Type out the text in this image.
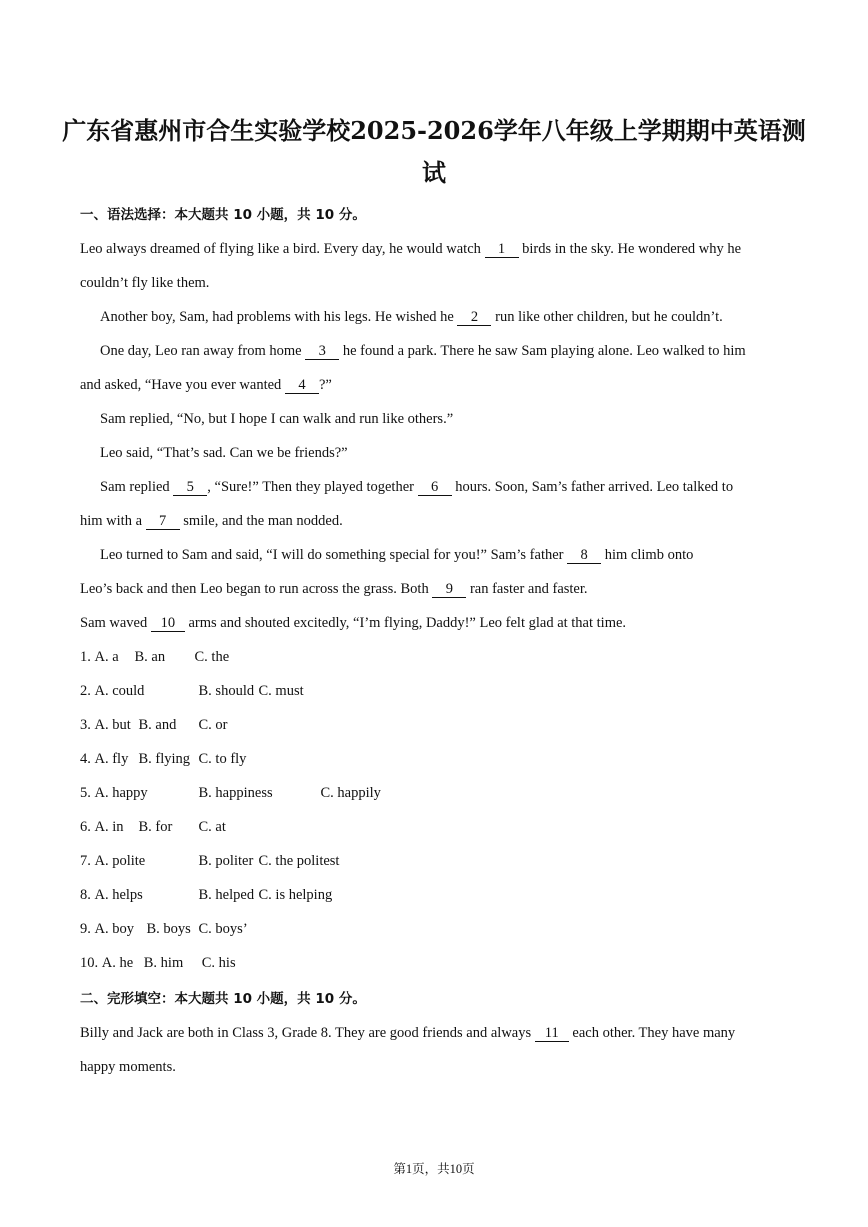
广东省惠州市合生实验学校2025-2026学年八年级上学期期中英语测
试
一、语法选择：本大题共 10 小题，共 10 分。
Leo always dreamed of flying like a bird. Every day, he would watch 1 birds in the sky. He wondered why he
couldn’t fly like them.
Another boy, Sam, had problems with his legs. He wished he 2 run like other children, but he couldn’t.
One day, Leo ran away from home 3 he found a park. There he saw Sam playing alone. Leo walked to him
and asked, “Have you ever wanted 4 ?”
Sam replied, “No, but I hope I can walk and run like others.”
Leo said, “That’s sad. Can we be friends?”
Sam replied 5 , “Sure!” Then they played together 6 hours. Soon, Sam’s father arrived. Leo talked to
him with a 7 smile, and the man nodded.
Leo turned to Sam and said, “I will do something special for you!” Sam’s father 8 him climb onto
Leo’s back and then Leo began to run across the grass. Both 9 ran faster and faster.
Sam waved 10 arms and shouted excitedly, “I’m flying, Daddy!” Leo felt glad at that time.
1. A. a B. an C. the
2. A. could	B. should C. must
3. A. but B. and C. or
4. A. fly B. flying C. to fly
5. A. happy	B. happiness	C. happily
6. A. in B. for C. at
7. A. polite	B. politer C. the politest
8. A. helps	B. helped C. is helping
9. A. boy B. boys C. boys’
10. A. he B. him C. his
二、完形填空：本大题共 10 小题，共 10 分。
Billy and Jack are both in Class 3, Grade 8. They are good friends and always 11 each other. They have many
happy moments.
第1页，共10页
